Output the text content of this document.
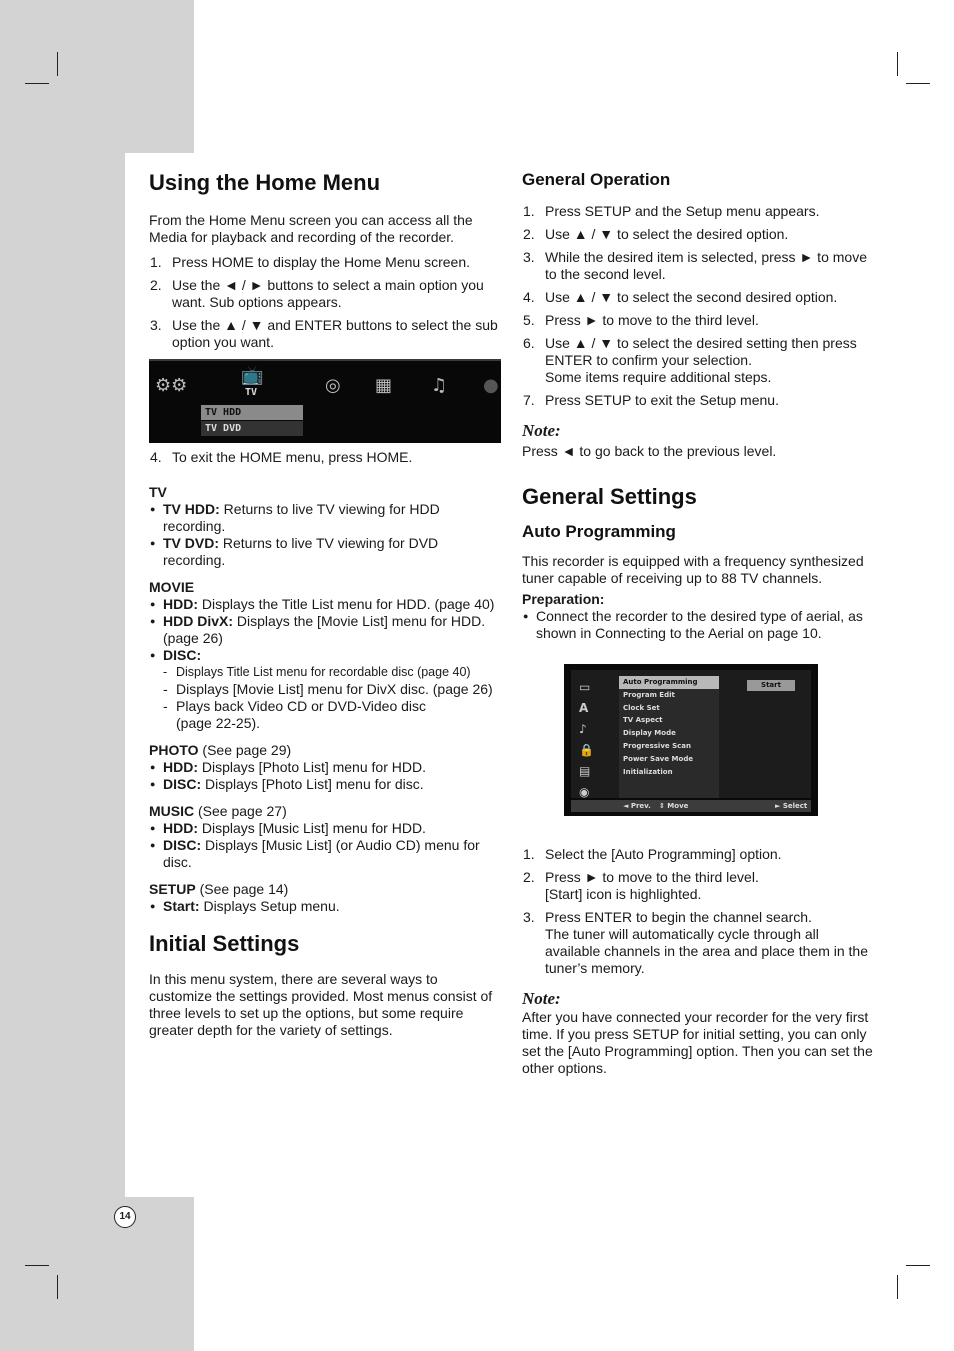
14
Using the Home Menu

From the Home Menu screen you can access all the Media for playback and recording of the recorder.

1. Press HOME to display the Home Menu screen.
2. Use the ◄ / ► buttons to select a main option you want. Sub options appears.
3. Use the ▲ / ▼ and ENTER buttons to select the sub option you want.
⚙⚙	📺
TV	◎ ▦ ♫ ●
TV HDD
TV DVD
4. To exit the HOME menu, press HOME.
TV
● TV HDD: Returns to live TV viewing for HDD recording.
● TV DVD: Returns to live TV viewing for DVD recording.
MOVIE
● HDD: Displays the Title List menu for HDD. (page 40)
● HDD DivX: Displays the [Movie List] menu for HDD. (page 26)
● DISC:
- Displays Title List menu for recordable disc (page 40)
- Displays [Movie List] menu for DivX disc. (page 26)
- Plays back Video CD or DVD-Video disc (page 22-25).
PHOTO (See page 29)
● HDD: Displays [Photo List] menu for HDD.
● DISC: Displays [Photo List] menu for disc.
MUSIC (See page 27)
● HDD: Displays [Music List] menu for HDD.
● DISC: Displays [Music List] (or Audio CD) menu for disc.
SETUP (See page 14)
● Start: Displays Setup menu.
Initial Settings

In this menu system, there are several ways to customize the settings provided. Most menus consist of three levels to set up the options, but some require greater depth for the variety of settings.

General Operation
1. Press SETUP and the Setup menu appears.
2. Use ▲ / ▼ to select the desired option.
3. While the desired item is selected, press ► to move to the second level.
4. Use ▲ / ▼ to select the second desired option.
5. Press ► to move to the third level.
6. Use ▲ / ▼ to select the desired setting then press ENTER to confirm your selection.
Some items require additional steps.
7. Press SETUP to exit the Setup menu.
Note:

Press ◄ to go back to the previous level.

General Settings
Auto Programming

This recorder is equipped with a frequency synthesized tuner capable of receiving up to 88 TV channels.

Preparation:

● Connect the recorder to the desired type of aerial, as shown in Connecting to the Aerial on page 10.
▭
A
♪
🔒
▤
◉
Auto Programming
Program Edit
Clock Set
TV Aspect
Display Mode
Progressive Scan
Power Save Mode
Initialization
Start
◄ Prev. ⇕ Move	► Select
1. Select the [Auto Programming] option.
2. Press ► to move to the third level.
[Start] icon is highlighted.
3. Press ENTER to begin the channel search.
The tuner will automatically cycle through all available channels in the area and place them in the tuner’s memory.
Note:

After you have connected your recorder for the very first time. If you press SETUP for initial setting, you can only set the [Auto Programming] option. Then you can set the other options.
